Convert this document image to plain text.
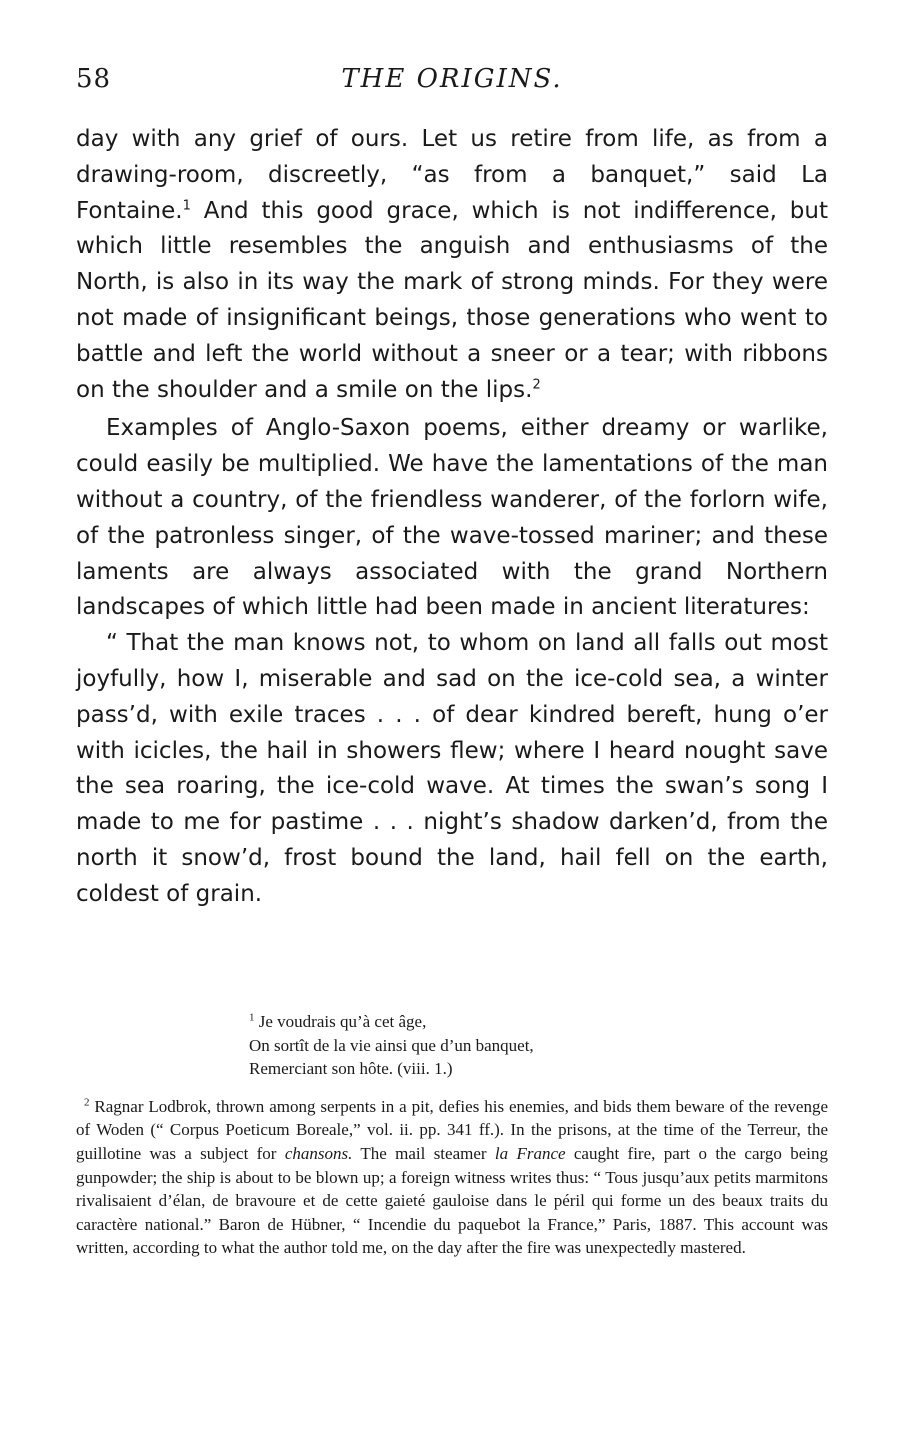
58	THE ORIGINS.

day with any grief of ours. Let us retire from life, as from a drawing-room, discreetly, “as from a banquet,” said La Fontaine.$^1$ And this good grace, which is not indifference, but which little resembles the anguish and enthusiasms of the North, is also in its way the mark of strong minds. For they were not made of insignificant beings, those generations who went to battle and left the world without a sneer or a tear; with ribbons on the shoulder and a smile on the lips.$^2$

Examples of Anglo-Saxon poems, either dreamy or warlike, could easily be multiplied. We have the lamentations of the man without a country, of the friendless wanderer, of the forlorn wife, of the patronless singer, of the wave-tossed mariner; and these laments are always associated with the grand Northern landscapes of which little had been made in ancient literatures:

“ That the man knows not, to whom on land all falls out most joyfully, how I, miserable and sad on the ice-cold sea, a winter pass’d, with exile traces . . . of dear kindred bereft, hung o’er with icicles, the hail in showers flew; where I heard nought save the sea roaring, the ice-cold wave. At times the swan’s song I made to me for pastime . . . night’s shadow darken’d, from the north it snow’d, frost bound the land, hail fell on the earth, coldest of grain.

$^1$ Je voudrais qu’à cet âge,
On sortît de la vie ainsi que d’un banquet,
Remerciant son hôte. (viii. 1.)
$^2$ Ragnar Lodbrok, thrown among serpents in a pit, defies his enemies, and bids them beware of the revenge of Woden (“ Corpus Poeticum Boreale,” vol. ii. pp. 341 ff.). In the prisons, at the time of the Terreur, the guillotine was a subject for chansons. The mail steamer la France caught fire, part o the cargo being gunpowder; the ship is about to be blown up; a foreign witness writes thus: “ Tous jusqu’aux petits marmitons rivalisaient d’élan, de bravoure et de cette gaieté gauloise dans le péril qui forme un des beaux traits du caractère national.” Baron de Hübner, “ Incendie du paquebot la France,” Paris, 1887. This account was written, according to what the author told me, on the day after the fire was unexpectedly mastered.
